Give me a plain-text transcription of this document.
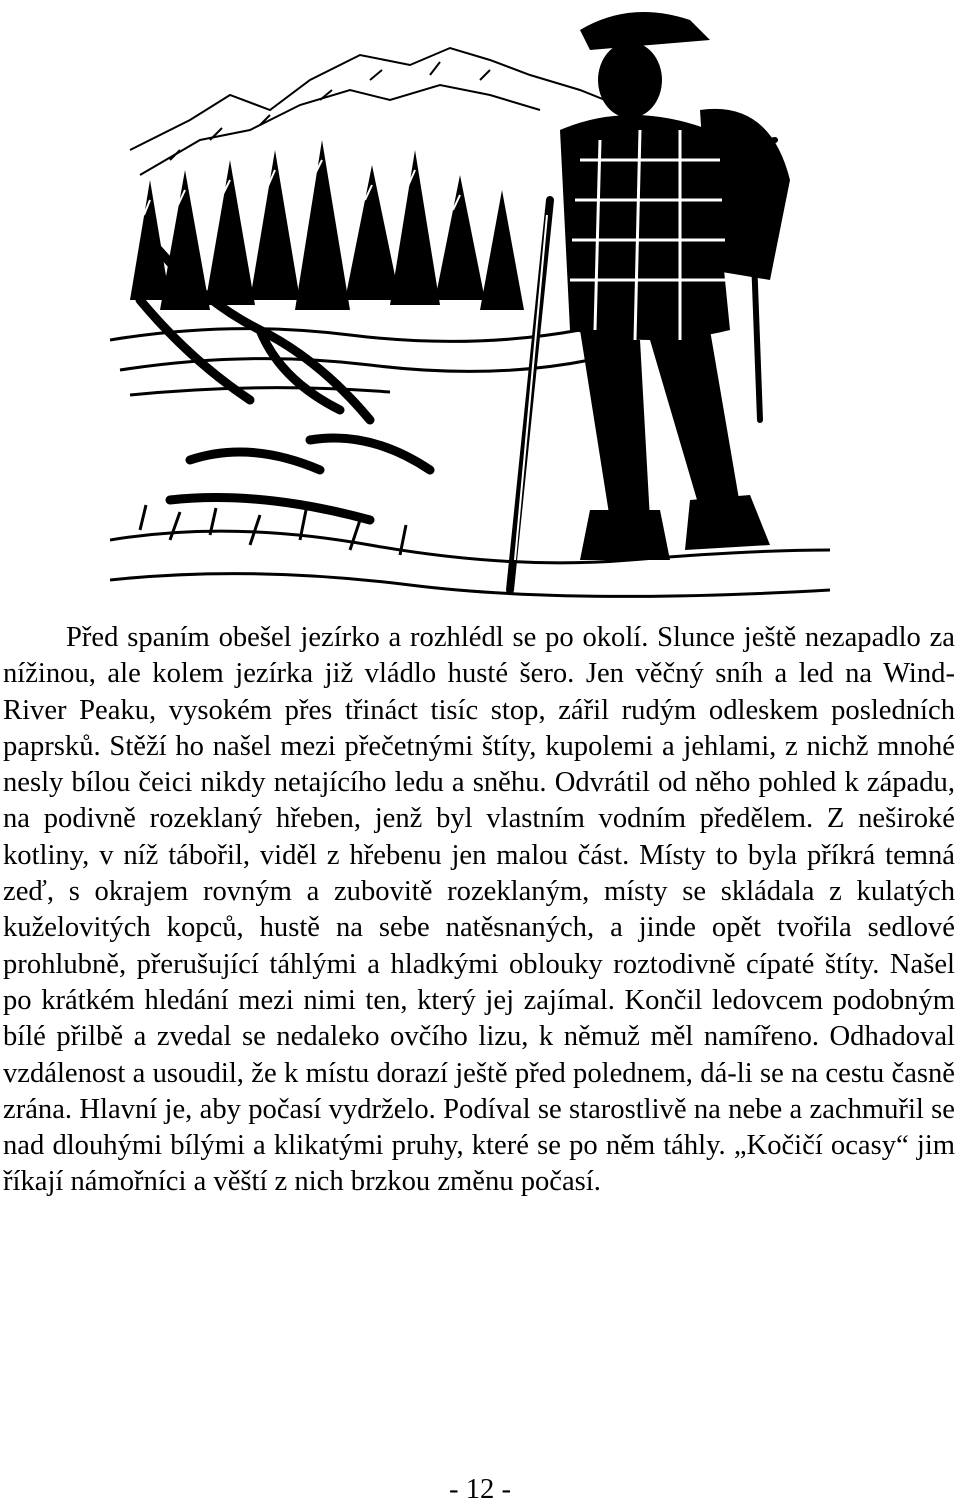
Před spaním obešel jezírko a rozhlédl se po okolí. Slunce ještě nezapadlo za nížinou, ale kolem jezírka již vládlo husté šero. Jen věčný sníh a led na Wind-River Peaku, vysokém přes třináct tisíc stop, zářil rudým odleskem posledních paprsků. Stěží ho našel mezi přečetnými štíty, kupolemi a jehlami, z nichž mnohé nesly bílou čeici nikdy netajícího ledu a sněhu. Odvrátil od něho pohled k západu, na podivně rozeklaný hřeben, jenž byl vlastním vodním předělem. Z neširoké kotliny, v níž tábořil, viděl z hřebenu jen malou část. Místy to byla příkrá temná zeď, s okrajem rovným a zubovitě rozeklaným, místy se skládala z kulatých kuželovitých kopců, hustě na sebe natěsnaných, a jinde opět tvořila sedlové prohlubně, přerušující táhlými a hladkými oblouky roztodivně cípaté štíty. Našel po krátkém hledání mezi nimi ten, který jej zajímal. Končil ledovcem podobným bílé přilbě a zvedal se nedaleko ovčího lizu, k němuž měl namířeno. Odhadoval vzdálenost a usoudil, že k místu dorazí ještě před polednem, dá-li se na cestu časně zrána. Hlavní je, aby počasí vydrželo. Podíval se starostlivě na nebe a zachmuřil se nad dlouhými bílými a klikatými pruhy, které se po něm táhly. „Kočičí ocasy“ jim říkají námořníci a věští z nich brzkou změnu počasí.

- 12 -
